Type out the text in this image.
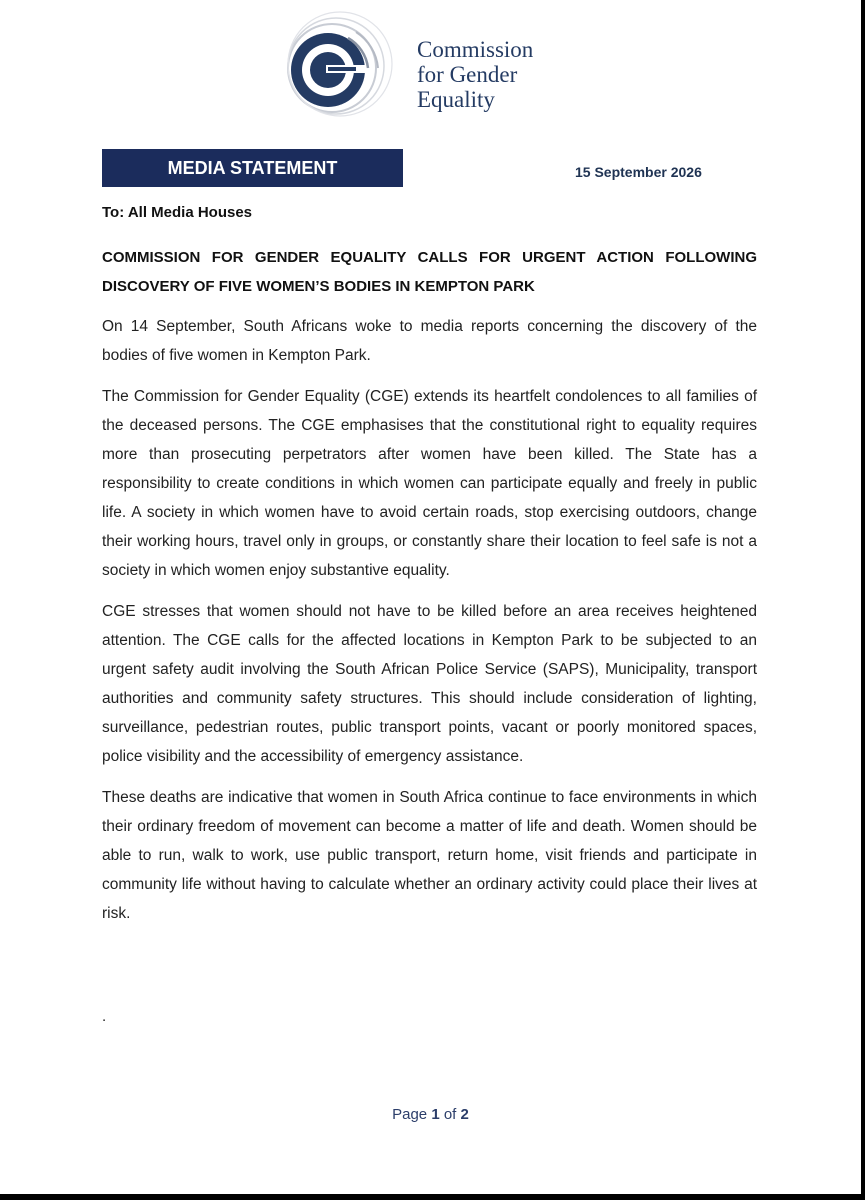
Commission
for Gender
Equality
MEDIA STATEMENT	15 September 2026
To: All Media Houses
COMMISSION FOR GENDER EQUALITY CALLS FOR URGENT ACTION FOLLOWING DISCOVERY OF FIVE WOMEN’S BODIES IN KEMPTON PARK

On 14 September, South Africans woke to media reports concerning the discovery of the bodies of five women in Kempton Park.

The Commission for Gender Equality (CGE) extends its heartfelt condolences to all families of the deceased persons. The CGE emphasises that the constitutional right to equality requires more than prosecuting perpetrators after women have been killed. The State has a responsibility to create conditions in which women can participate equally and freely in public life. A society in which women have to avoid certain roads, stop exercising outdoors, change their working hours, travel only in groups, or constantly share their location to feel safe is not a society in which women enjoy substantive equality.

CGE stresses that women should not have to be killed before an area receives heightened attention. The CGE calls for the affected locations in Kempton Park to be subjected to an urgent safety audit involving the South African Police Service (SAPS), Municipality, transport authorities and community safety structures. This should include consideration of lighting, surveillance, pedestrian routes, public transport points, vacant or poorly monitored spaces, police visibility and the accessibility of emergency assistance.

These deaths are indicative that women in South Africa continue to face environments in which their ordinary freedom of movement can become a matter of life and death. Women should be able to run, walk to work, use public transport, return home, visit friends and participate in community life without having to calculate whether an ordinary activity could place their lives at risk.

.
Page 1 of 2
